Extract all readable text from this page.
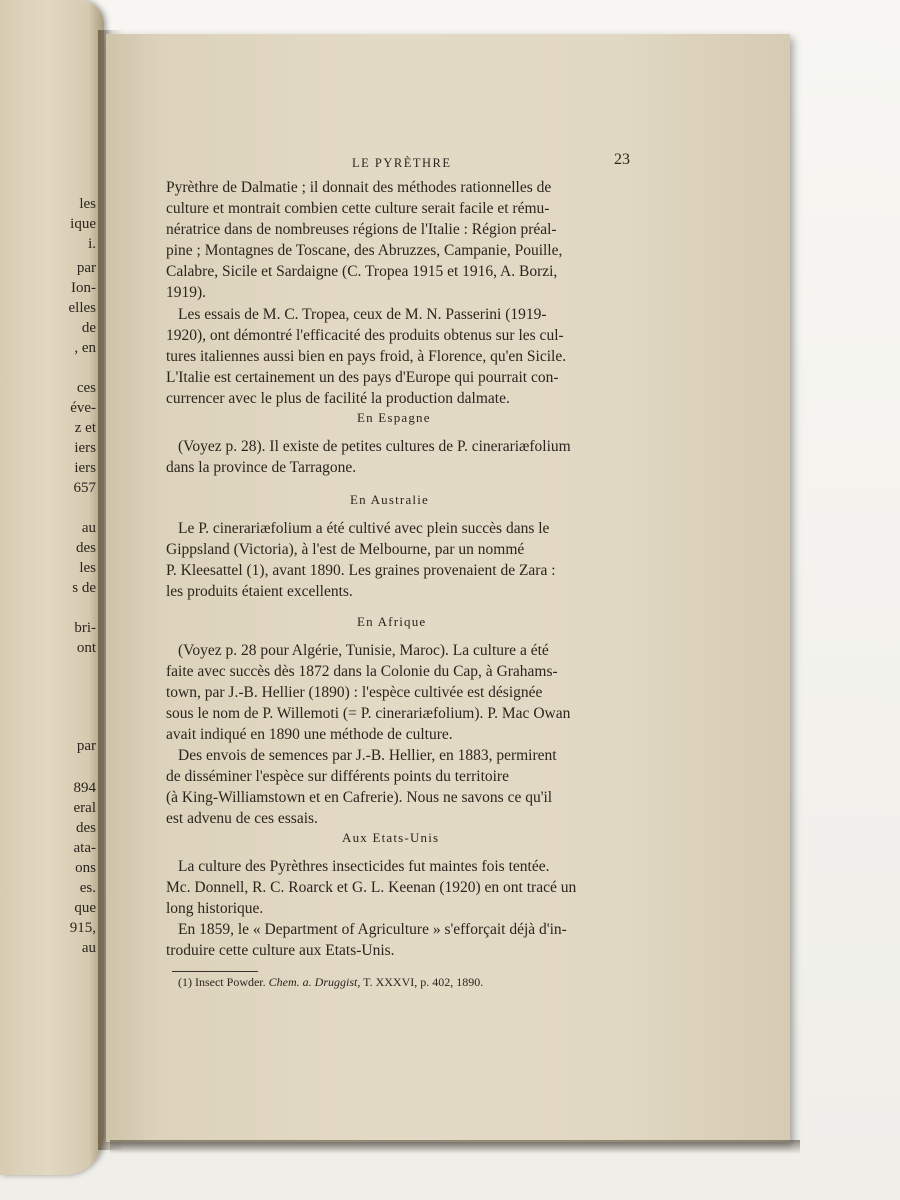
les
ique
i.
par
Ion-
elles
de
, en
ces
éve-
z et
iers
iers
657
au
des
les
s de
bri-
ont
par
894
eral
des
ata-
ons
es.
que
915,
au
LE PYRÈTHRE	23
Pyrèthre de Dalmatie ; il donnait des méthodes rationnelles de
culture et montrait combien cette culture serait facile et rému-
nératrice dans de nombreuses régions de l'Italie : Région préal-
pine ; Montagnes de Toscane, des Abruzzes, Campanie, Pouille,
Calabre, Sicile et Sardaigne (C. Tropea 1915 et 1916, A. Borzi,
1919).
Les essais de M. C. Tropea, ceux de M. N. Passerini (1919-
1920), ont démontré l'efficacité des produits obtenus sur les cul-
tures italiennes aussi bien en pays froid, à Florence, qu'en Sicile.
L'Italie est certainement un des pays d'Europe qui pourrait con-
currencer avec le plus de facilité la production dalmate.
En Espagne
(Voyez p. 28). Il existe de petites cultures de P. cinerariæfolium
dans la province de Tarragone.
En Australie
Le P. cinerariæfolium a été cultivé avec plein succès dans le
Gippsland (Victoria), à l'est de Melbourne, par un nommé
P. Kleesattel (1), avant 1890. Les graines provenaient de Zara :
les produits étaient excellents.
En Afrique
(Voyez p. 28 pour Algérie, Tunisie, Maroc). La culture a été
faite avec succès dès 1872 dans la Colonie du Cap, à Grahams-
town, par J.-B. Hellier (1890) : l'espèce cultivée est désignée
sous le nom de P. Willemoti (= P. cinerariæfolium). P. Mac Owan
avait indiqué en 1890 une méthode de culture.
Des envois de semences par J.-B. Hellier, en 1883, permirent
de disséminer l'espèce sur différents points du territoire
(à King-Williamstown et en Cafrerie). Nous ne savons ce qu'il
est advenu de ces essais.
Aux Etats-Unis
La culture des Pyrèthres insecticides fut maintes fois tentée.
Mc. Donnell, R. C. Roarck et G. L. Keenan (1920) en ont tracé un
long historique.
En 1859, le « Department of Agriculture » s'efforçait déjà d'in-
troduire cette culture aux Etats-Unis.
(1) Insect Powder. Chem. a. Druggist, T. XXXVI, p. 402, 1890.
